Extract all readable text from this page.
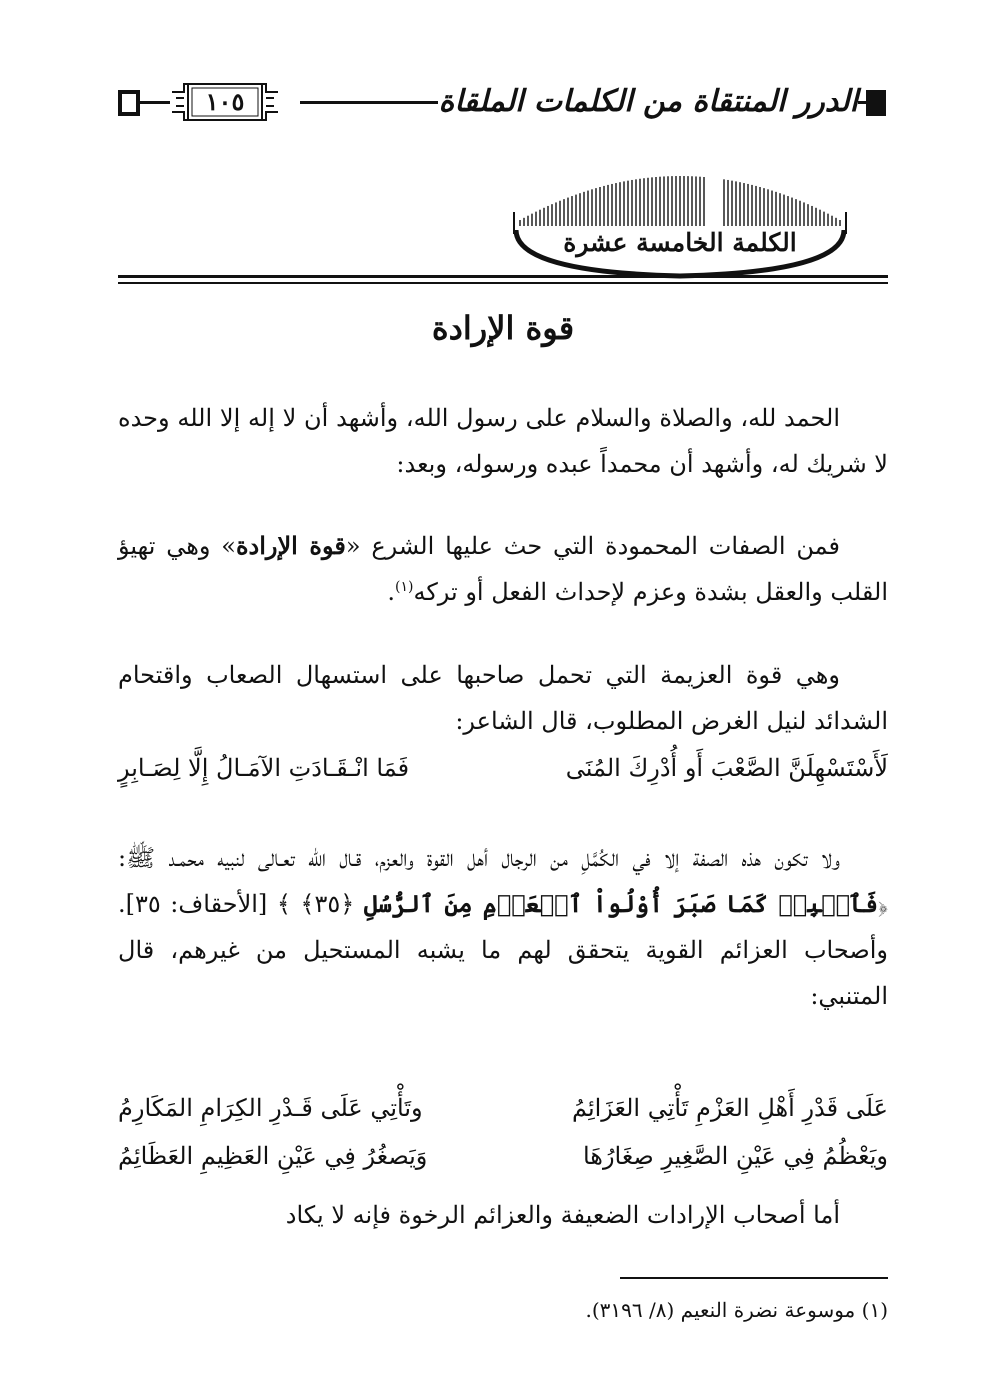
الدرر المنتقاة من الكلمات الملقاة
١٠٥
الكلمة الخامسة عشرة
قوة الإرادة

الحمد لله، والصلاة والسلام على رسول الله، وأشهد أن لا إله إلا الله وحده لا شريك له، وأشهد أن محمداً عبده ورسوله، وبعد:

فمن الصفات المحمودة التي حث عليها الشرع «قوة الإرادة» وهي تهيؤ القلب والعقل بشدة وعزم لإحداث الفعل أو تركه$^{(١)}$.

وهي قوة العزيمة التي تحمل صاحبها على استسهال الصعاب واقتحام الشدائد لنيل الغرض المطلوب، قال الشاعر:

لَأَسْتَسْهِلَنَّ الصَّعْبَ أَو أُدْرِكَ المُنَى
فَمَا انْـقَـادَتِ الآمَـالُ إِلَّا لِصَـابِرٍ

ولا تكون هذه الصفة إلا في الكُمَّلِ من الرجال أهل القوة والعزم، قـال الله تعـالى لنبيه محمـد ﷺ: ﴿فَٱصۡبِرۡ كَمَا صَبَرَ أُوْلُواْ ٱلۡعَزۡمِ مِنَ ٱلرُّسُلِ ﴿٣٥﴾ ﴾ [الأحقاف: ٣٥]. وأصحاب العزائم القوية يتحقق لهم ما يشبه المستحيل من غيرهم، قال المتنبي:

عَلَى قَدْرِ أَهْلِ العَزْمِ تَأْتِي العَزَائِمُ
وتَأْتِي عَلَى قَـدْرِ الكِرَامِ المَكَارِمُ
ويَعْظُمُ فِي عَيْنِ الصَّغِيرِ صِغَارُهَا
وَيَصغُرُ فِي عَيْنِ العَظِيمِ العَظَائِمُ

أما أصحاب الإرادات الضعيفة والعزائم الرخوة فإنه لا يكاد

(١) موسوعة نضرة النعيم (٨/ ٣١٩٦).
